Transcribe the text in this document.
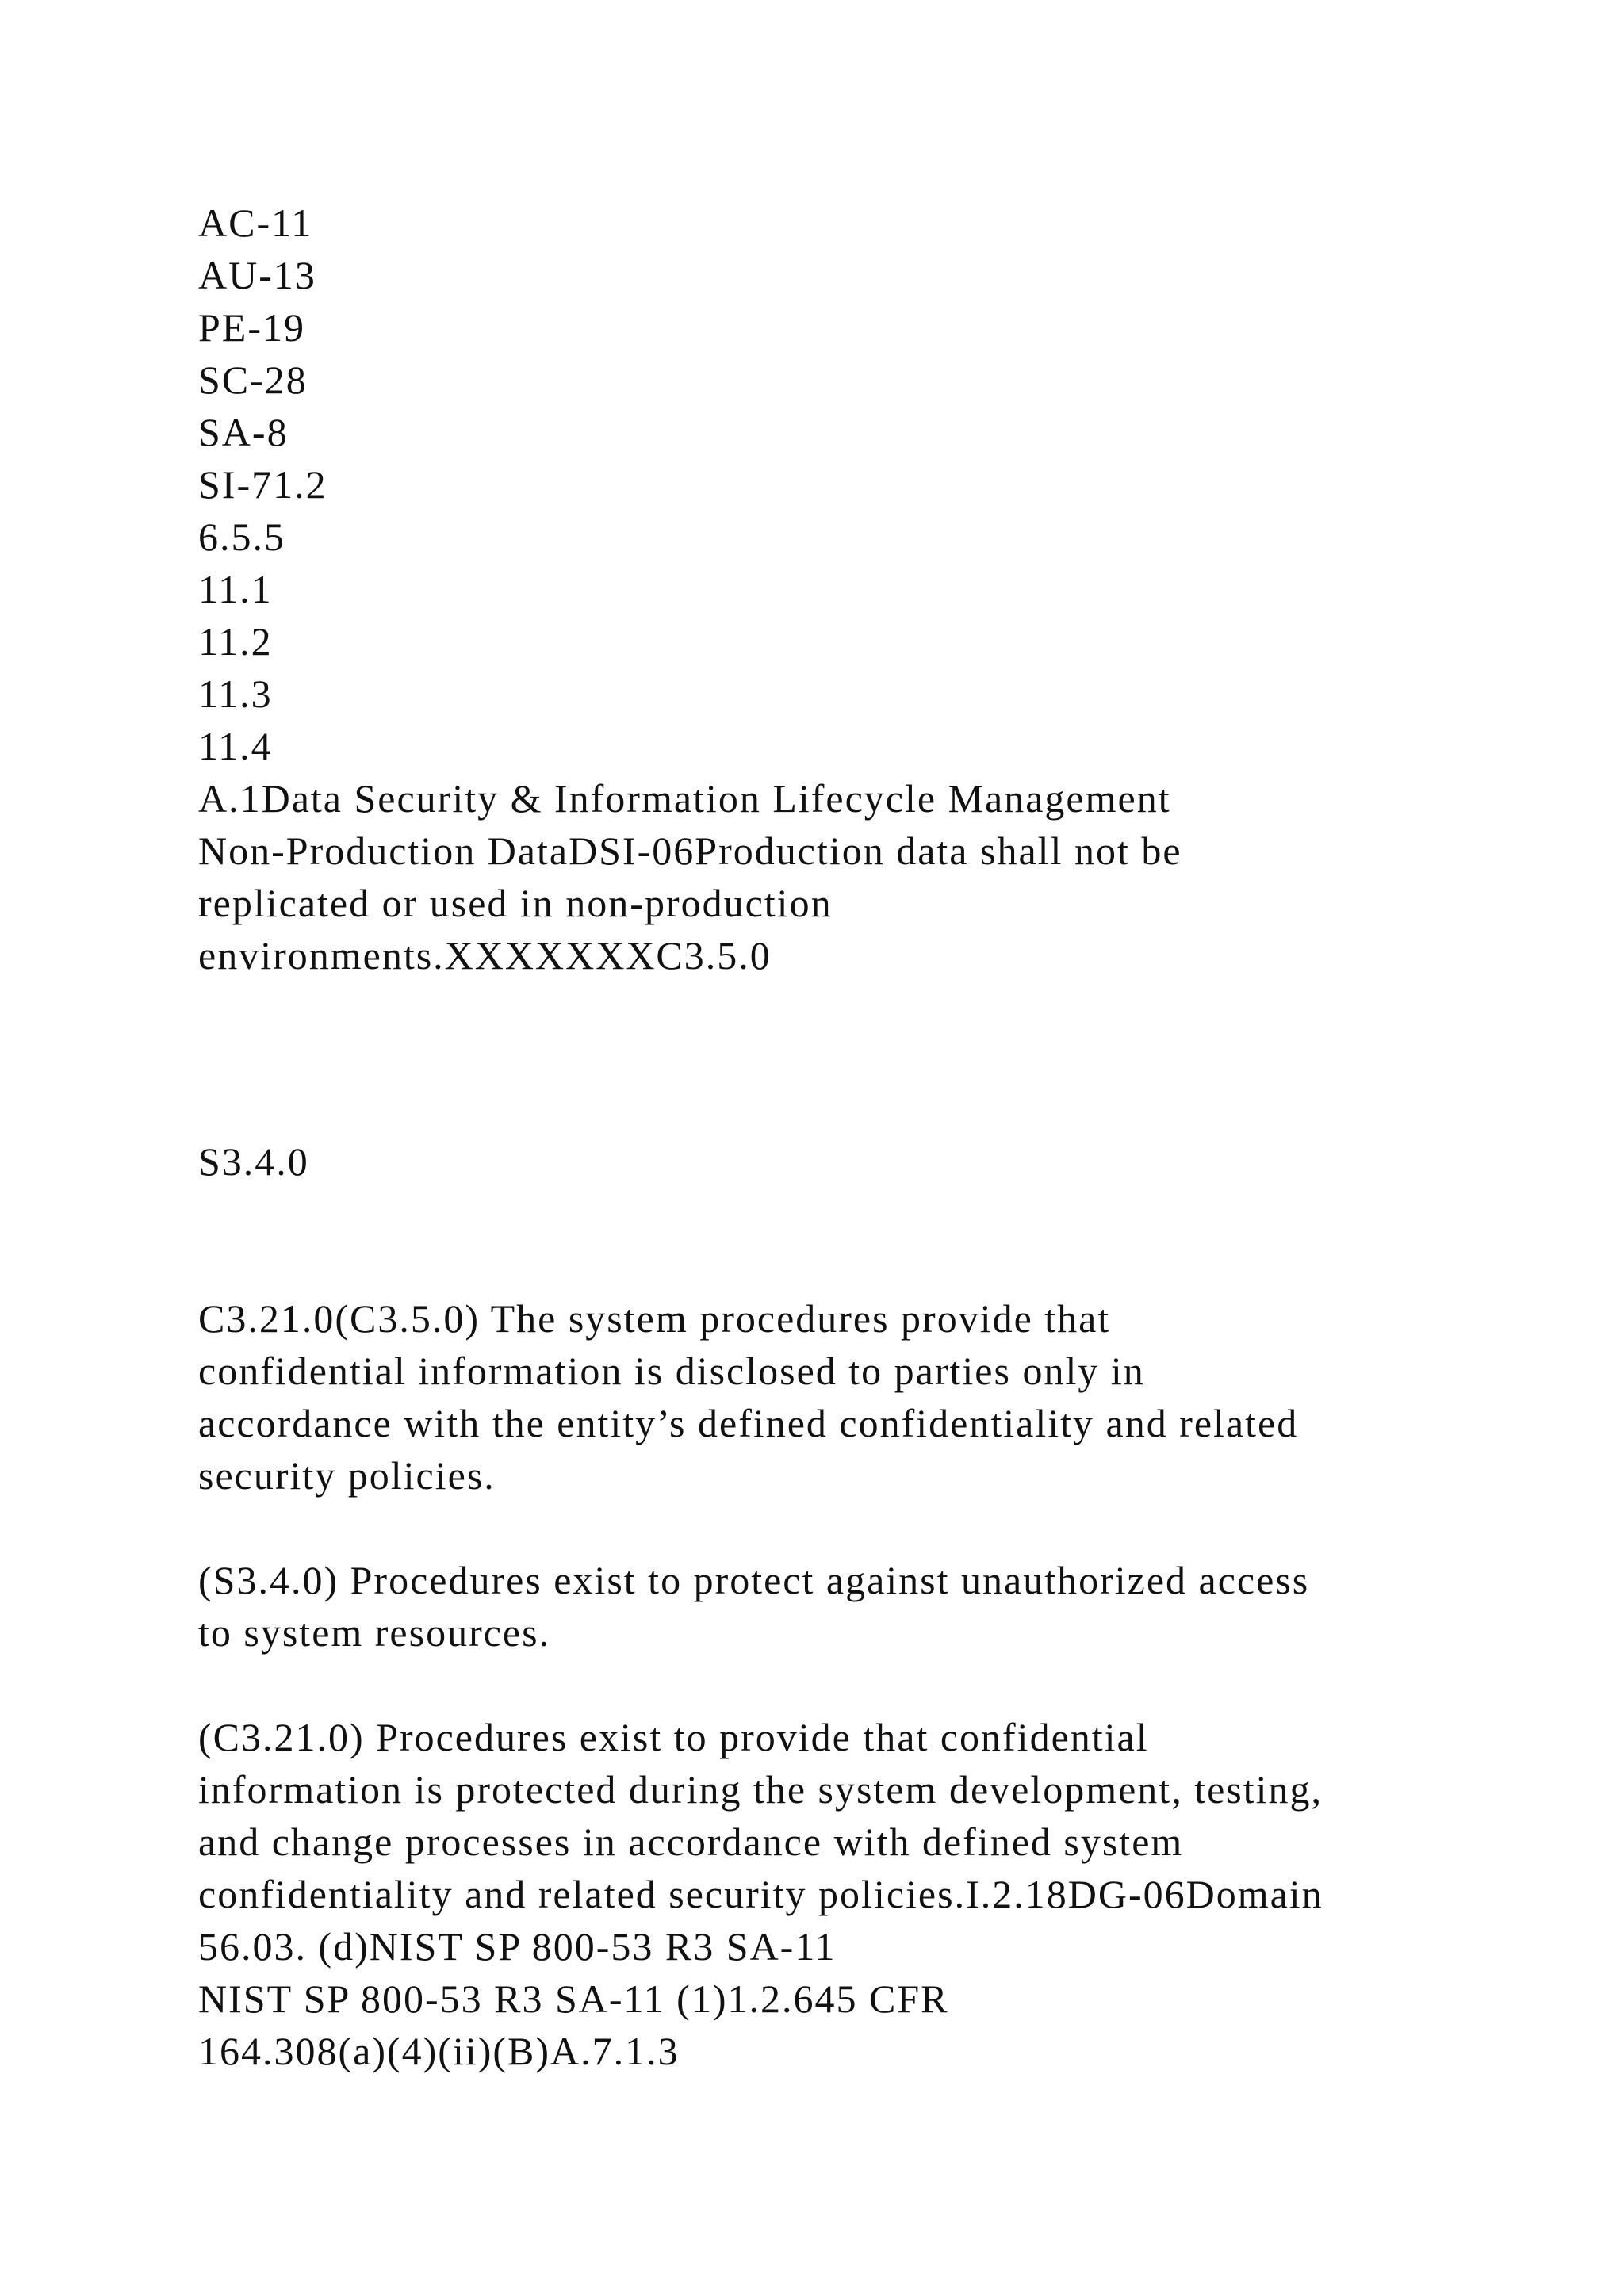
AC-11
AU-13
PE-19
SC-28
SA-8
SI-71.2
6.5.5
11.1
11.2
11.3
11.4
A.1Data Security & Information Lifecycle Management
Non-Production DataDSI-06Production data shall not be
replicated or used in non-production
environments.XXXXXXXC3.5.0
S3.4.0
C3.21.0(C3.5.0) The system procedures provide that
confidential information is disclosed to parties only in
accordance with the entity’s defined confidentiality and related
security policies.
(S3.4.0) Procedures exist to protect against unauthorized access
to system resources.
(C3.21.0) Procedures exist to provide that confidential
information is protected during the system development, testing,
and change processes in accordance with defined system
confidentiality and related security policies.I.2.18DG-06Domain
56.03. (d)NIST SP 800-53 R3 SA-11
NIST SP 800-53 R3 SA-11 (1)1.2.645 CFR
164.308(a)(4)(ii)(B)A.7.1.3
